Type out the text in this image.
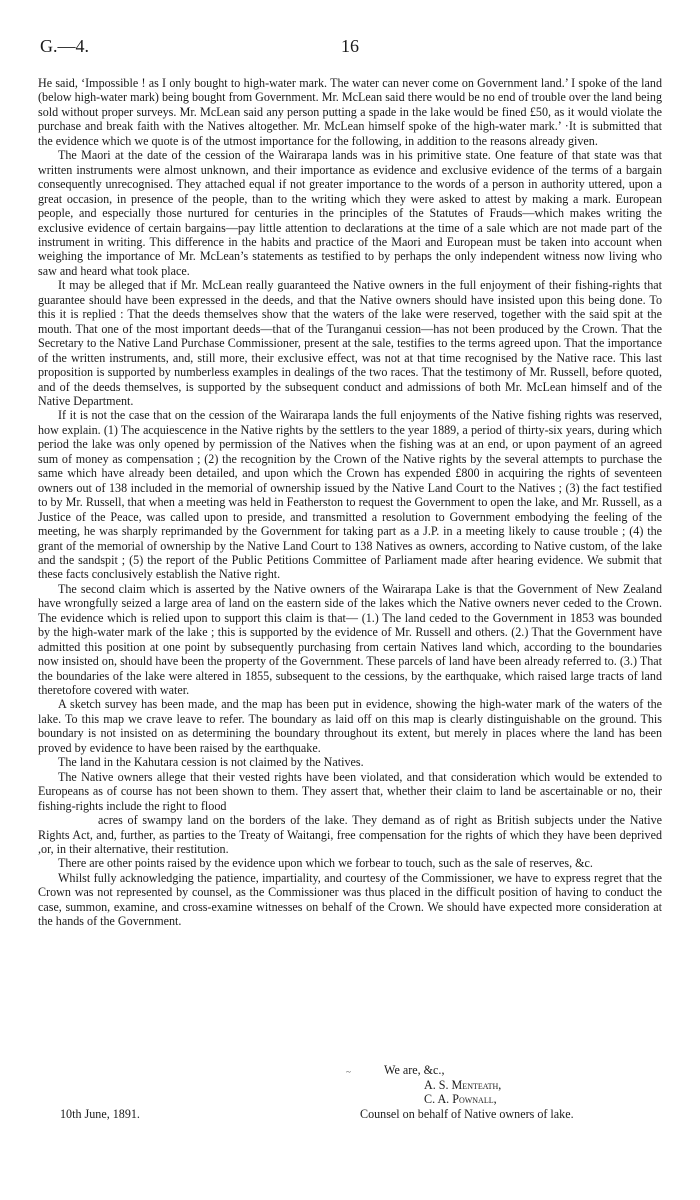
G.—4.	16

He said, ‘Impossible ! as I only bought to high-water mark. The water can never come on Government land.’ I spoke of the land (below high-water mark) being bought from Government. Mr. McLean said there would be no end of trouble over the land being sold without proper surveys. Mr. McLean said any person putting a spade in the lake would be fined £50, as it would violate the purchase and break faith with the Natives altogether. Mr. McLean himself spoke of the high-water mark.’ ·It is submitted that the evidence which we quote is of the utmost importance for the following, in addition to the reasons already given.

The Maori at the date of the cession of the Wairarapa lands was in his primitive state. One feature of that state was that written instruments were almost unknown, and their importance as evidence and exclusive evidence of the terms of a bargain consequently unrecognised. They attached equal if not greater importance to the words of a person in authority uttered, upon a great occasion, in presence of the people, than to the writing which they were asked to attest by making a mark. European people, and especially those nurtured for centuries in the principles of the Statutes of Frauds—which makes writing the exclusive evidence of certain bargains—pay little attention to declarations at the time of a sale which are not made part of the instrument in writing. This difference in the habits and practice of the Maori and European must be taken into account when weighing the importance of Mr. McLean’s statements as testified to by perhaps the only independent witness now living who saw and heard what took place.

It may be alleged that if Mr. McLean really guaranteed the Native owners in the full enjoyment of their fishing-rights that guarantee should have been expressed in the deeds, and that the Native owners should have insisted upon this being done. To this it is replied : That the deeds themselves show that the waters of the lake were reserved, together with the said spit at the mouth. That one of the most important deeds—that of the Turanganui cession—has not been produced by the Crown. That the Secretary to the Native Land Purchase Commissioner, present at the sale, testifies to the terms agreed upon. That the importance of the written instruments, and, still more, their exclusive effect, was not at that time recognised by the Native race. This last proposition is supported by numberless examples in dealings of the two races. That the testimony of Mr. Russell, before quoted, and of the deeds themselves, is supported by the subsequent conduct and admissions of both Mr. McLean himself and of the Native Department.

If it is not the case that on the cession of the Wairarapa lands the full enjoyments of the Native fishing rights was reserved, how explain. (1) The acquiescence in the Native rights by the settlers to the year 1889, a period of thirty-six years, during which period the lake was only opened by permission of the Natives when the fishing was at an end, or upon payment of an agreed sum of money as compensation ; (2) the recognition by the Crown of the Native rights by the several attempts to purchase the same which have already been detailed, and upon which the Crown has expended £800 in acquiring the rights of seventeen owners out of 138 included in the memorial of ownership issued by the Native Land Court to the Natives ; (3) the fact testified to by Mr. Russell, that when a meeting was held in Featherston to request the Government to open the lake, and Mr. Russell, as a Justice of the Peace, was called upon to preside, and transmitted a resolution to Government embodying the feeling of the meeting, he was sharply reprimanded by the Government for taking part as a J.P. in a meeting likely to cause trouble ; (4) the grant of the memorial of ownership by the Native Land Court to 138 Natives as owners, according to Native custom, of the lake and the sandspit ; (5) the report of the Public Petitions Committee of Parliament made after hearing evidence. We submit that these facts conclusively establish the Native right.

The second claim which is asserted by the Native owners of the Wairarapa Lake is that the Government of New Zealand have wrongfully seized a large area of land on the eastern side of the lakes which the Native owners never ceded to the Crown. The evidence which is relied upon to support this claim is that— (1.) The land ceded to the Government in 1853 was bounded by the high-water mark of the lake ; this is supported by the evidence of Mr. Russell and others. (2.) That the Government have admitted this position at one point by subsequently purchasing from certain Natives land which, according to the boundaries now insisted on, should have been the property of the Government. These parcels of land have been already referred to. (3.) That the boundaries of the lake were altered in 1855, subsequent to the cessions, by the earthquake, which raised large tracts of land theretofore covered with water.

A sketch survey has been made, and the map has been put in evidence, showing the high-water mark of the waters of the lake. To this map we crave leave to refer. The boundary as laid off on this map is clearly distinguishable on the ground. This boundary is not insisted on as determining the boundary throughout its extent, but merely in places where the land has been proved by evidence to have been raised by the earthquake.

The land in the Kahutara cession is not claimed by the Natives.

The Native owners allege that their vested rights have been violated, and that consideration which would be extended to Europeans as of course has not been shown to them. They assert that, whether their claim to land be ascertainable or no, their fishing-rights include the right to flood
acres of swampy land on the borders of the lake. They demand as of right as British subjects under the Native Rights Act, and, further, as parties to the Treaty of Waitangi, free compensation for the rights of which they have been deprived ,or, in their alternative, their restitution.

There are other points raised by the evidence upon which we forbear to touch, such as the sale of reserves, &c.

Whilst fully acknowledging the patience, impartiality, and courtesy of the Commissioner, we have to express regret that the Crown was not represented by counsel, as the Commissioner was thus placed in the difficult position of having to conduct the case, summon, examine, and cross-examine witnesses on behalf of the Crown. We should have expected more consideration at the hands of the Government.

~	We are, &c.,
A. S. Menteath,
C. A. Pownall,
10th June, 1891.	Counsel on behalf of Native owners of lake.
